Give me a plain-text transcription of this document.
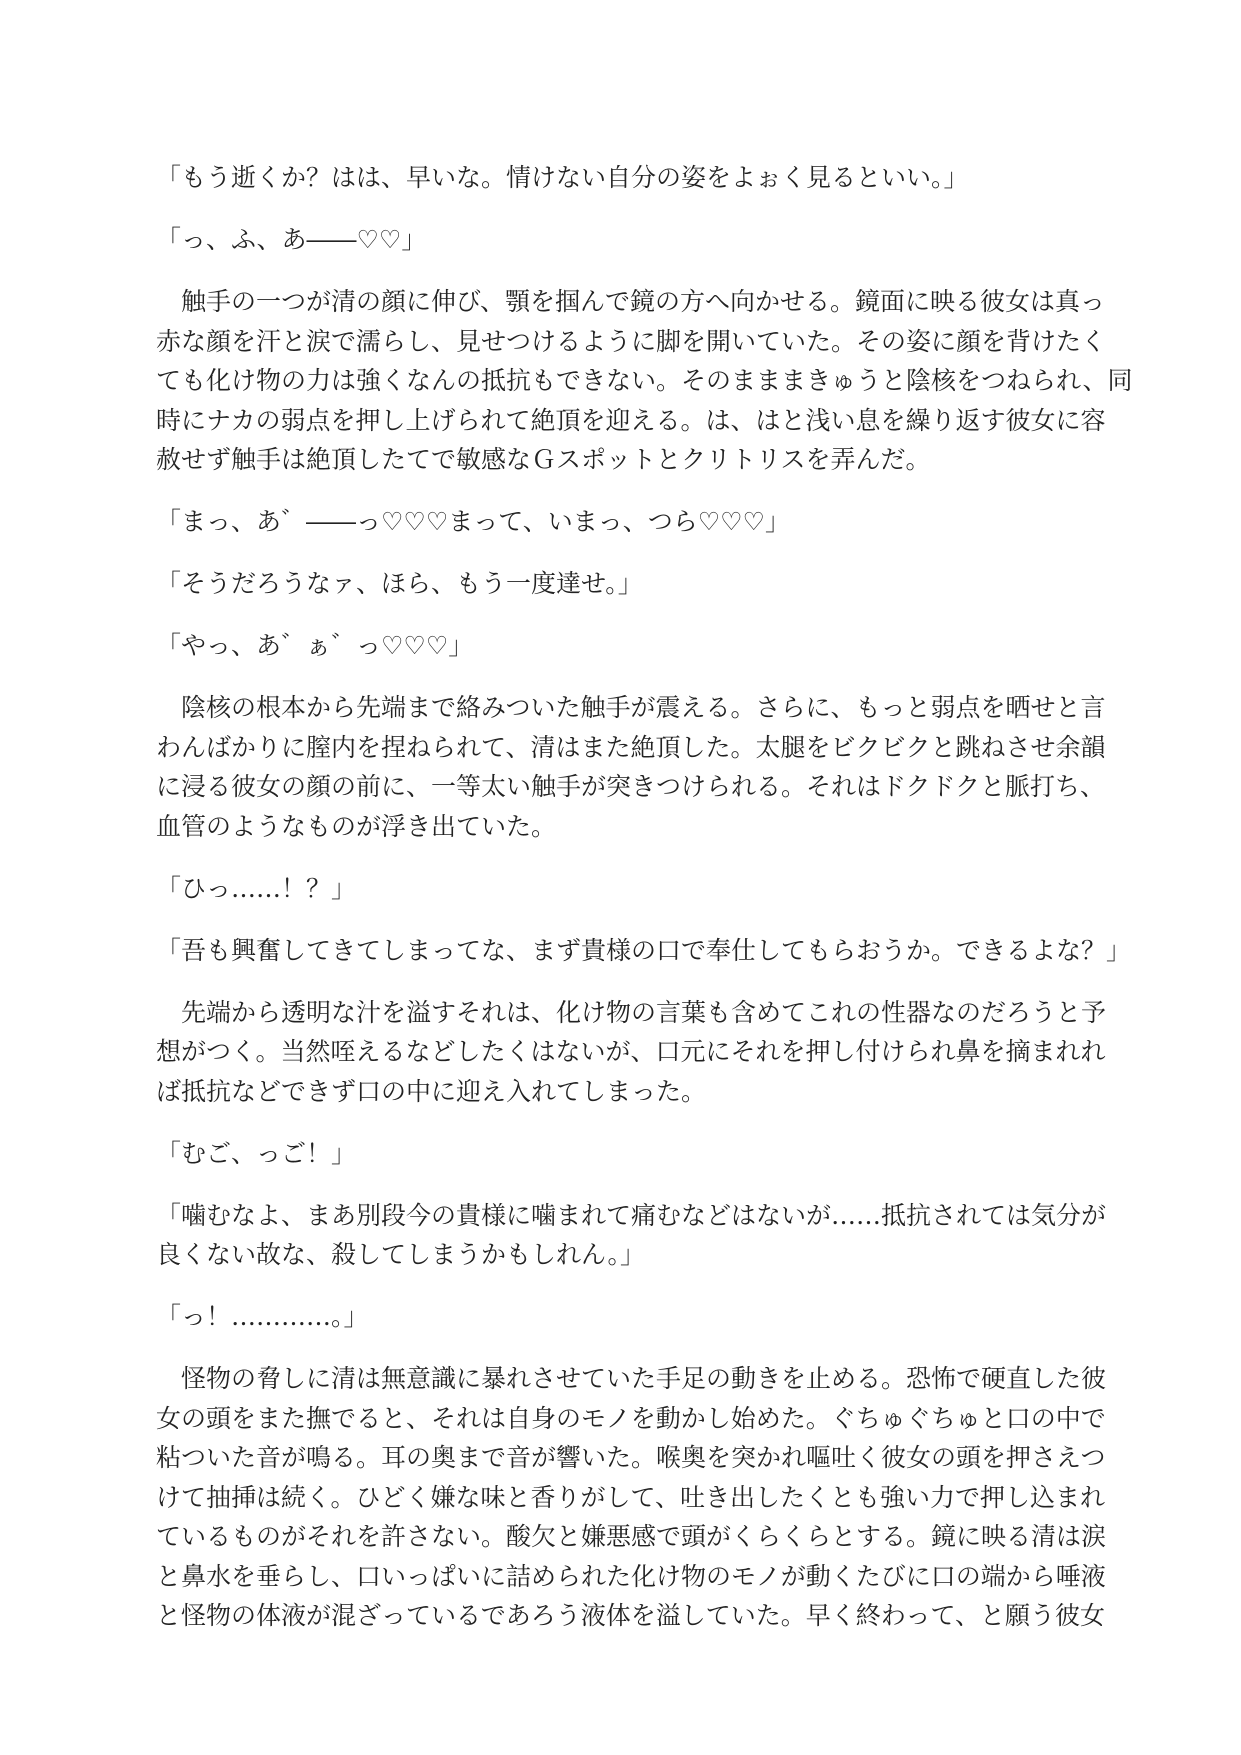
「もう逝くか？はは、早いな。情けない自分の姿をよぉく見るといい。」
「っ、ふ、あ――♡♡」
　触手の一つが清の顔に伸び、顎を掴んで鏡の方へ向かせる。鏡面に映る彼女は真っ
赤な顔を汗と涙で濡らし、見せつけるように脚を開いていた。その姿に顔を背けたく
ても化け物の力は強くなんの抵抗もできない。そのまままきゅうと陰核をつねられ、同
時にナカの弱点を押し上げられて絶頂を迎える。は、はと浅い息を繰り返す彼女に容
赦せず触手は絶頂したてで敏感なＧスポットとクリトリスを弄んだ。
「まっ、あ゛――っ♡♡♡まって、いまっ、つら♡♡♡」
「そうだろうなァ、ほら、もう一度達せ。」
「やっ、あ゛ぁ゛っ♡♡♡」
　陰核の根本から先端まで絡みついた触手が震える。さらに、もっと弱点を晒せと言
わんばかりに膣内を捏ねられて、清はまた絶頂した。太腿をビクビクと跳ねさせ余韻
に浸る彼女の顔の前に、一等太い触手が突きつけられる。それはドクドクと脈打ち、
血管のようなものが浮き出ていた。
「ひっ……！？」
「吾も興奮してきてしまってな、まず貴様の口で奉仕してもらおうか。できるよな？」
　先端から透明な汁を溢すそれは、化け物の言葉も含めてこれの性器なのだろうと予
想がつく。当然咥えるなどしたくはないが、口元にそれを押し付けられ鼻を摘まれれ
ば抵抗などできず口の中に迎え入れてしまった。
「むご、っご！」
「噛むなよ、まあ別段今の貴様に噛まれて痛むなどはないが……抵抗されては気分が
良くない故な、殺してしまうかもしれん。」
「っ！…………。」
　怪物の脅しに清は無意識に暴れさせていた手足の動きを止める。恐怖で硬直した彼
女の頭をまた撫でると、それは自身のモノを動かし始めた。ぐちゅぐちゅと口の中で
粘ついた音が鳴る。耳の奥まで音が響いた。喉奥を突かれ嘔吐く彼女の頭を押さえつ
けて抽挿は続く。ひどく嫌な味と香りがして、吐き出したくとも強い力で押し込まれ
ているものがそれを許さない。酸欠と嫌悪感で頭がくらくらとする。鏡に映る清は涙
と鼻水を垂らし、口いっぱいに詰められた化け物のモノが動くたびに口の端から唾液
と怪物の体液が混ざっているであろう液体を溢していた。早く終わって、と願う彼女
